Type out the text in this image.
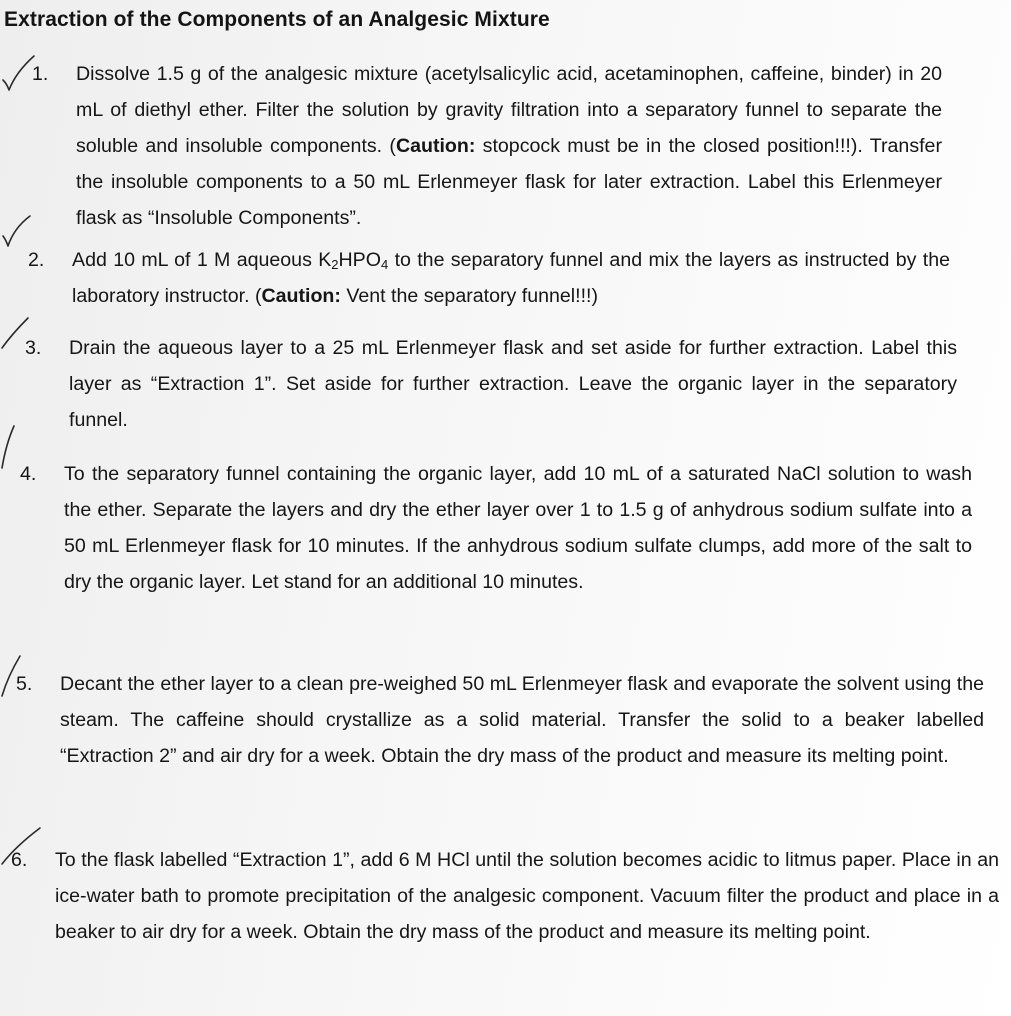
Extraction of the Components of an Analgesic Mixture
1.	Dissolve 1.5 g of the analgesic mixture (acetylsalicylic acid, acetaminophen, caffeine, binder) in 20 mL of diethyl ether. Filter the solution by gravity filtration into a separatory funnel to separate the soluble and insoluble components. (Caution: stopcock must be in the closed position!!!). Transfer the insoluble components to a 50 mL Erlenmeyer flask for later extraction. Label this Erlenmeyer flask as “Insoluble Components”.

2.	Add 10 mL of 1 M aqueous $K_2HPO_4$ to the separatory funnel and mix the layers as instructed by the laboratory instructor. (Caution: Vent the separatory funnel!!!)

3.	Drain the aqueous layer to a 25 mL Erlenmeyer flask and set aside for further extraction. Label this layer as “Extraction 1”. Set aside for further extraction. Leave the organic layer in the separatory funnel.

4.	To the separatory funnel containing the organic layer, add 10 mL of a saturated NaCl solution to wash the ether. Separate the layers and dry the ether layer over 1 to 1.5 g of anhydrous sodium sulfate into a 50 mL Erlenmeyer flask for 10 minutes. If the anhydrous sodium sulfate clumps, add more of the salt to dry the organic layer. Let stand for an additional 10 minutes.

5.	Decant the ether layer to a clean pre-weighed 50 mL Erlenmeyer flask and evaporate the solvent using the steam. The caffeine should crystallize as a solid material. Transfer the solid to a beaker labelled “Extraction 2” and air dry for a week. Obtain the dry mass of the product and measure its melting point.

6.	To the flask labelled “Extraction 1”, add 6 M HCl until the solution becomes acidic to litmus paper. Place in an ice-water bath to promote precipitation of the analgesic component. Vacuum filter the product and place in a beaker to air dry for a week. Obtain the dry mass of the product and measure its melting point.
